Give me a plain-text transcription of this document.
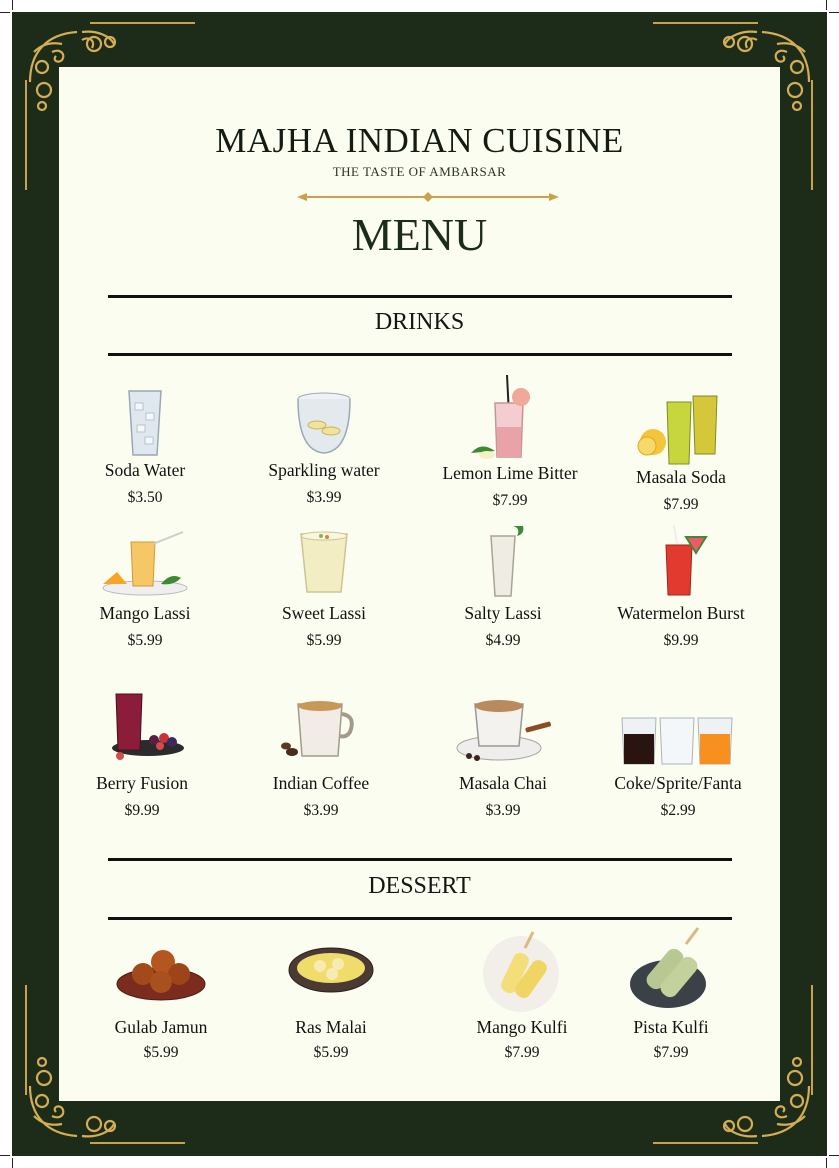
MAJHA INDIAN CUISINE
THE TASTE OF AMBARSAR
MENU
DRINKS
Soda Water
$3.50
Sparkling water
$3.99
Lemon Lime Bitter
$7.99
Masala Soda
$7.99
Mango Lassi
$5.99
Sweet Lassi
$5.99
Salty Lassi
$4.99
Watermelon Burst
$9.99
Berry Fusion
$9.99
Indian Coffee
$3.99
Masala Chai
$3.99
Coke/Sprite/Fanta
$2.99
DESSERT
Gulab Jamun
$5.99
Ras Malai
$5.99
Mango Kulfi
$7.99
Pista Kulfi
$7.99
